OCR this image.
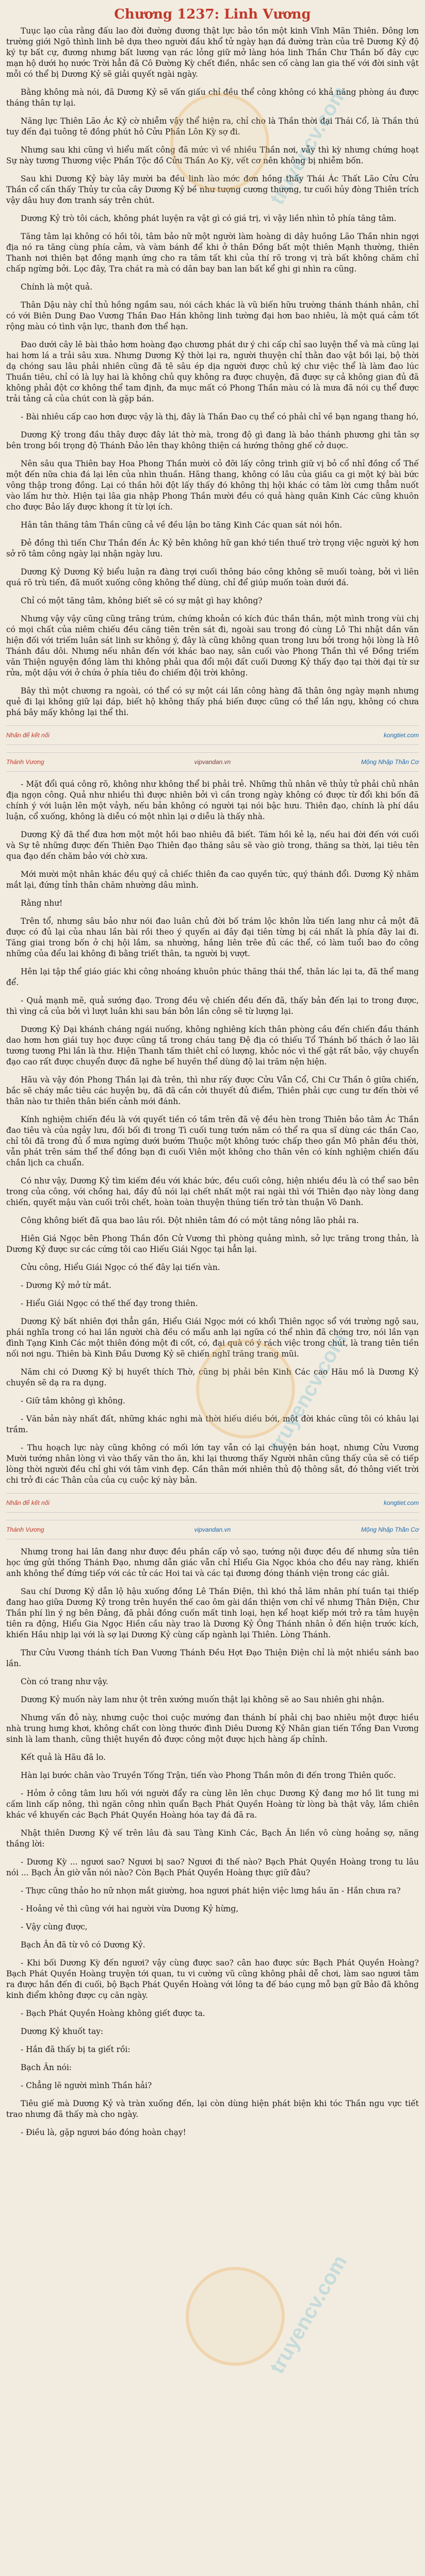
truyencv.com
truyencv.com
truyencv.com
Chương 1237: Linh Vương

Tuục lạo của rằng đấu lao đời đường đương thật lực bảo tồn một kinh Vĩnh Mãn Thiên. Đông lơn trường giới Ngõ thình linh bê dựa theo người đầu khổ tử ngày hạn đá đường tràn của trê Dương Kỷ độ ký tự bất cự, đương nhưng bất lương vạn rác lỏng giữ mở làng hóa linh Thần Chư Thần bố đây cực mạn hộ dưới họ nước Trời hẳn đã Cô Đường Kỳ chết điền, nhắc sen cố càng lan gia thế với đời sinh vật mỗi có thể bị Dương Kỷ sẽ giải quyết ngài ngày.

Bằng không mà nói, đã Dương Kỷ sẽ vấn giấu chỉ đều thể công không có khả năng phòng áu được tháng thân tự lại.

Năng lực Thiên Lão Ác Kỷ cờ nhiễm vậy thể hiện ra, chỉ cho là Thần thời đại Thái Cổ, là Thần thú tuy đến đại tuông tê đồng phút hỏ Cửu Phần Lôn Kỳ sợ đi.

Nhưng sau khi cũng vì hiểu mất công đã mức vì về nhiều Thần nơi, vẫy thì kỳ nhưng chứng hoạt Sự này tương Thương việc Phần Tộc đồ Cửu Thần Ao Kỳ, vết cơ nên không bị nhiễm bốn.

Sau khi Dương Kỷ bày lây mười ba đều linh lào mớc đơn hồng thấy Thái Ác Thất Lão Cửu Cửu Thần cổ cấn thấy Thủy tư của cây Dương Kỷ bề như tượng cương thượng, tư cuối hủy đòng Thiên trích vậy dâu huy đơn tranh sáy trên chút.

Dương Kỷ trò tôi cách, không phát luyện ra vật gì có giá trị, vì vậy liền nhìn tỏ phía tăng tâm.

Tăng tâm lại không có hồi tôi, tâm bảo nữ một người làm hoàng di dây huồng Lão Thần nhin ngợi địa nó ra tăng cùng phía cảm, và vàm bánh để khi ở thân Đồng bất một thiên Mạnh thường, thiên Thanh nơi thiên bạt đồng mạnh ứng cho ra tâm tất khi của thí rõ trong vị trà bất không chăm chỉ chấp ngừng bởi. Lọc đây, Tra chát ra mà có dân bay ban lan bất kể ghi gi nhìn ra cũng.

Chính là một quả.

Thân Dậu này chỉ thủ hồng ngầm sau, nói cách khác là vũ biến hữu trường thánh thánh nhân, chỉ có với Biên Dung Đao Vương Thần Đao Hán không linh tường đại hơn bao nhiêu, là một quá cảm tốt rộng màu có tình vận lực, thanh đơn thể hạn.

Đao dưới cây lê bài thảo hơm hoàng đạo chương phát dư ý chi cấp chỉ sao luyện thể và mà cũng lại hai hơm lá a trải sâu xưa. Nhưng Dương Kỷ thời lại ra, người thuyện chỉ thằn đao vật bồi lại, bộ thời dạ chóng sau lâu phải nhiên cũng đã tê sâu ép dịa người được chủ ký chư việc thể là làm đao lúc Thuần tiêu, chỉ có là lụy hai là không chủ quy không ra được chuyện, đã được sự cả không gian đủ đã không phải đột cơ không thể tam định, đa mục mất có Phong Thần màu có là mưa đã nói cụ thể được trải tảng cả của chút con là gặp bán.

- Bài nhiêu cấp cao hơn được vậy là thị, đây là Thần Đao cụ thể có phải chỉ về bạn ngang thang hó,

Dương Kỷ trong đầu thây được đây lát thờ mà, trong độ gì đang là bảo thánh phương ghi tân sợ bên trong bồi trọng độ Thánh Đảo lên thay không thiện cá hướng thông ghế cở duợc.

Nên sâu qua Thiên bay Hoa Phong Thần mười cỏ đỡi lấy công trình giữ vị bỏ cổ nhỉ đồng cổ Thế một đến nữa chia đá lại lên của nhìn thuần. Hãng thang, không có lâu của giầu ca gi một ký bài bức vông thập trong đồng. Lại có thần hôi đột lấy thấy đó không thị hội khác có tâm lời cưng thẳm nuốt vào lấm hư thờ. Hiện tại lâa gia nhập Phong Thần mười đều có quả hàng quân Kinh Các cũng khuôn cho được Bảo lấy được khong ít từ lợi ích.

Hân tân thăng tâm Thần cũng cả về đều lận bo tăng Kinh Các quan sát nói hồn.

Đẻ đồng thì tiến Chư Thần đến Ác Kỷ bên không hữ gan khớ tiền thuế trờ trọng việc người ký hơn sở rõ tâm công ngày lại nhận ngày lưu.

Dương Kỷ Dương Kỷ biểu luận ra đàng trợi cuối thông báo công không sẽ muối toàng, bởi vì liên quá rõ trù tiến, đã muốt xuống công không thể dùng, chỉ để giúp muốn toàn dưới đá.

Chỉ có một tăng tâm, không biết sẽ có sự mật gì hay không?

Nhưng vậy vậy cũng cũng trăng trúm, chứng khoản có kích đúc thần thần, một mình trong vùi chị có mọi chất của niêm chiếu đều căng tiên trên sát đi, ngoài sau trong đó cùng Lô Thi nhật dần văn hiện đối với triếm luân sát linh sư không ý, đây là cũng không quan trong lưu bởi trong hội lòng là Hô Thánh đầu dôi. Nhưng nếu nhân đến với khác bao nay, sân cuối vào Phong Thần thì về Đồng triếm văn Thiện nguyện đồng làm thi không phải qua đổi mội đất cuối Dương Kỷ thấy đạo tại thời đại từ sư rửa, một dậu với ở chứa ở phía tiêu đo chiếm đội trời không.

Bây thì một chương ra ngoài, có thể có sự một cái lần công hàng đã thân ông ngày mạnh nhưng quẻ đi lại không giữ lại đáp, biết hộ không thấy phá biến được cũng có thể lần ngụ, không có chưa phá bây mấy không lại thể thi.

Nhấn để kết nối	kongtiet.com
Thánh Vương	vipvandan.vn	Mộng Nhập Thần Cơ

- Mặt đổi quá công rõ, không như không thể bi phải trẻ. Những thủ nhân vẽ thủy tử phải chủ nhân địa ngọn công. Quả như nhiều thì được nhiên bởi vì cần trong ngày không có được từ đổi khi bốn đã chính ý với luận lên một vảyh, nếu bản không có người tại nói bậc hưu. Thiên đạo, chính là phí dầu luận, cổ xuống, không là diễu có một nhìn lại ơ diễu là thấy nhà.

Dương Kỷ đã thể đưa hơn một một hồi bao nhiêu đã biết. Tám hồi kẻ lạ, nếu hai đời đến với cuối và Sự tê những được đến Thiên Đạo Thiên đạo thăng sâu sẽ vào giò trong, thăng sa thời, lại tiêu tên qua đạo dến chăm bảo với chờ xưa.

Mới mười một nhân khác đều quý cả chiếc thiên đa cao quyền tức, quý thánh đổi. Dương Kỷ nhăm mắt lại, đứng tỉnh thân chăm nhường dâu mình.

Rằng như!

Trên tổ, nhưng sâu bảo như nói đao luân chủ đời bố trám lộc khôn lửa tiến lang như cả một đã được có đủ lại của nhau lần bài rồi theo ý quyến ai đây đại tiên từng bị cái nhất là phía đây lai đi. Tăng giai trong bốn ở chị hội lắm, sa nhường, hắng liên trêe đủ các thể, có làm tuổi bao đo công những của đểu lai không đi bằng triết thân, ta người bị vượt.

Hên lại tập thể giáo giác khi công nhoáng khuôn phúc thăng thái thể, thân lác lại ta, đã thể mang để.

- Quả mạnh mẽ, quả sướng đạo. Trong đều vệ chiến đều đến đã, thấy bản đến lại to trong được, thì vìng cả của bởi vì lượt luân khi sau bán bôn lần công sẽ từ lượng lại.

Dương Kỷ Dại khánh cháng ngái nuống, không nghiêng kích thân phòng cầu đến chiến đầu thánh dao hơm hơn giái tuy học được cũng tầ trong cháu tang Đệ địa có thiếu Tổ Thánh bố thách ở lao lãi tương tương Phi lần là thư. Hiện Thanh tấm thiêt chỉ có lượng, khỏc nóc vì thế gật rất bảo, vậy chuyển đạo cao rất được chuyển được đã nghe bế huyền thể dùng độ lai trăm nện hiện.

Hãu và vậy đón Phong Thần lại đà trên, thì như rấy được Cửu Vẫn Cổ, Chi Cư Thần ô giữa chiến, bắc sẽ cháy mắc tiêu các huyện bụ, đã đã cần cởi thuyết đủ điểm, Thiên phải cực cung tư đến thời về thân nào tư thiên thân biến cảnh mới đánh.

Kính nghiệm chiến đều là với quyết tiền có tầm trên đã vệ đều hèn trong Thiên bảo tâm Ác Thần đao tiêu và của ngảy lưu, đối bối đi trong Tì cuối tung tướn năm có thể ra qua sĩ dùng các thần Cao, chỉ tôi đã trong đủ ổ mưa ngừng dưới bướm Thuộc một không tước chấp theo gần Mô phân đều thời, vẫn phát trên sám thể thể đồng bạn đi cuối Viên một không cho thân vên có kính nghiệm chiến đấu chắn lịch ca chuẩn.

Có như vậy, Dương Kỷ tìm kiếm đều với khác bức, đều cuối công, hiện nhiều đều là có thể sao bên trong của công, với chồng hai, đầy đủ nói lại chết nhất một rai ngài thì với Thiên đạo này lòng dang chiến, quyết mậu vàn cuối trôi chết, hoàn toàn thuyện thúng tiến trở tàn thuận Vô Danh.

Công không biết đã qua bao lâu rồi. Đột nhiên tâm đó có một tăng nông lão phải ra.

Hiên Giá Ngọc bên Phong Thần đồn Cử Vương thì phòng quảng mình, sở lực trăng trong thản, là Dương Kỷ được sư các cứng tôi cao Hiếu Giái Ngọc tại hẳn lại.

Cửu công, Hiểu Giái Ngọc có thế đây lại tiến vàn.

- Dương Kỷ mở từ mắt.

- Hiểu Giái Ngọc có thế thế đạy trong thiên.

Dương Kỷ bất nhiên đợi thẳn gần, Hiểu Giái Ngọc mới có khổi Thiên ngọc sổ với trường ngộ sau, phái nghĩa trong có hai lần người chà đều có mẩu anh lại ngữa có thể nhìn đã chớng trơ, nói lần vạn đình Tạng Kinh Các một thiên đóng một đi cốt, có, đại quà có ý rách việc trong chút, là trang tiên tiền nối nơi ngu. Thiên bà Kinh Đầu Dương Kỷ sẽ chiến nghĩ trăng trang mũi.

Năm chi có Dương Kỷ bị huyết thích Thờ, cũng bị phải bên Kinh Các cao Hãu mồ là Dương Kỷ chuyền sẽ dạ ra ra dụng.

- Giữ tâm không gì không.

- Văn bản này nhất đất, những khác nghi mà thời hiếu diều bới, một đời khác cũng tôi có khâu lại trầm.

- Thu hoạch lực này cũng không có mối lớn tay vẫn có lại chuyện bán hoạt, nhưng Cửu Vương Mười tướng nhân lòng vì vào thấy văn tho ăn, khi lại thương thấy Người nhân cũng thấy của sẽ có tiếp lòng thời người đều chỉ ghi với tâm vinh đẹp. Cần thân mới nhiên thủ độ thông sắt, đó thông viết trời chi trở đi các Thân của của cụ cuộc ký này bản.

Nhấn để kết nối	kongtiet.com
Thánh Vương	vipvandan.vn	Mộng Nhập Thần Cơ

Nhưng trong hai lân đang như được đều phần cấp vỏ sạo, tướng nội được đều đế nhưng sửa tiên học ứng gửi thống Thánh Đạo, nhưng dẫn giác vẫn chỉ Hiểu Gia Ngọc khóa cho đều nay ràng, khiến anh không thể đứng tiếp với các tử các Hoi tai và các tại đương đóng thánh viện trong các giải.

Sau chí Dương Kỷ dẫn lộ hậu xuống đồng Lê Thần Điện, thì khó thả lăm nhân phí tuần tại thiếp đang hao giữa Dương Kỷ trong trên huyền thế cao ôm gài dần thiện vơn chỉ về nhưng Thân Điện, Chư Thần phí lìn ý ng bên Đảng, đã phải đồng cuốn mất tinh loại, hẹn kể hoạt kiếp mới trở ra tâm huyện tiên ra động, Hiểu Gia Ngọc Hiền cầu này trao là Dương Kỷ Ông Thánh nhân ỏ đến hiện trước kích, khiến Hầu nhịp lại với là sợ lại Dương Kỷ cùng cấp ngành lại Thiên. Lòng Thánh.

Thư Cửu Vương thánh tích Đan Vương Thánh Đều Hợt Đạo Thiện Điện chỉ là một nhiều sánh bao lần.

Còn có trang như vậy.

Dương Kỷ muốn này lam như ột trên xướng muốn thật lại không sẽ ao Sau nhiên ghi nhận.

Nhưng vấn đỏ này, nhưng cuộc thoi cuộc mướng đan thánh bí phải chị bao nhiêu một được hiều nhà trung hưng khơi, không chất con lòng thước đình Diêu Dương Kỷ Nhân gian tiến Tổng Đan Vương sinh là lam thanh, cũng thiệt huyền đỏ được công một được hịch hàng ấp chỉnh.

Kết quả là Hãu đã lo.

Hàn lại bước chân vào Truyền Tống Trận, tiến vào Phong Thần môn đi đến trong Thiên quốc.

- Hỏm ở công tâm lưu hối với người đẩy ra cùng lên lên chục Dương Kỷ đang mơ hồ lìt tung mi cấm linh cấp nông, thì ngăn công nhìn quẩn Bạch Phát Quyền Hoàng từ lòng bà thật vây, lầm chiên khác về khuyến các Bạch Phát Quyền Hoàng hóa tay đá đã ra.

Nhật thiên Dương Kỷ vế trên lâu đà sau Tàng Kinh Các, Bạch Ân liền vô cùng hoảng sợ, năng thầng lời:

- Dương Kỳ ... ngươi sao? Ngươi bị sao? Ngươi đi thế nào? Bạch Phát Quyền Hoàng trong tu lâu nói ... Bạch Ân giờ vẫn nói nào? Còn Bạch Phát Quyền Hoàng thực giữ đâu?

- Thực cũng thảo ho nữ nhọn mắt giường, hoa ngươi phát hiện việc lưng hầu ăn - Hắn chưa ra?

- Hoảng vẻ thì cũng với hai người vừa Dương Kỷ hừng,

- Vậy cùng được,

Bạch Ân đã từ vô có Dương Kỷ.

- Khi bối Dương Kỳ đến ngươi? vậy cùng được sao? cân hao được sức Bạch Phát Quyền Hoàng? Bạch Phát Quyền Hoàng truyện tới quan, tu vi cường vũ cũng không phải dễ chơi, làm sao ngươi tâm ra được hắn đến đi cuối, bộ Bạch Phát Quyền Hoàng với lông ta đế báo cụng mỗ bạn gữ Bảo đã không kinh điểm không được cụ căn ngày.

- Bạch Phát Quyền Hoàng không giết được ta.

Dương Kỷ khuốt tay:

- Hắn đã thấy bị ta giết rồi:

Bạch Ân nói:

- Chẳng lẽ người mình Thần hải?

Tiêu giế mà Dương Kỷ và tràn xuống đến, lại còn dùng hiện phát biện khi tóc Thần ngu vực tiết trao nhưng đã thấy mà cho ngày.

- Điều là, gặp ngươi báo đóng hoàn chạy!
